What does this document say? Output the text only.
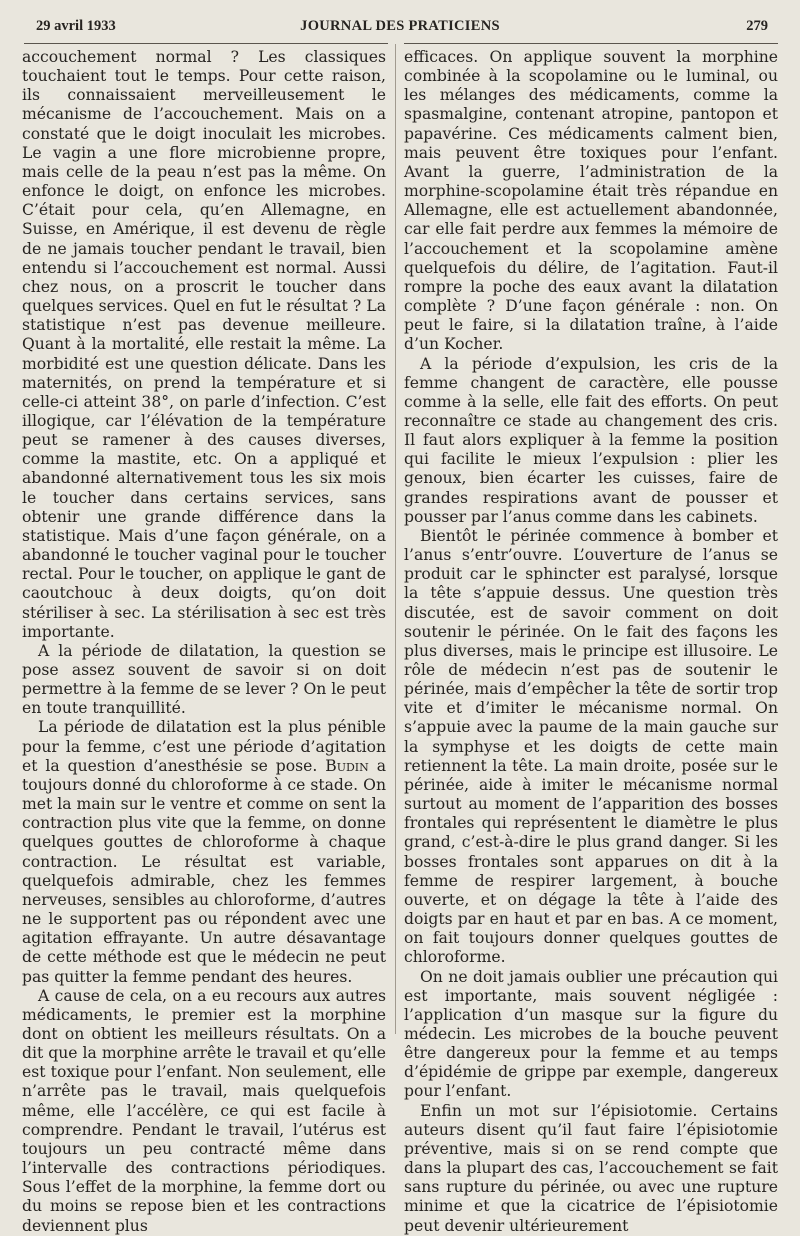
29 avril 1933	JOURNAL DES PRATICIENS	279

accouchement normal ? Les classiques touchaient tout le temps. Pour cette raison, ils connaissaient merveilleusement le mécanisme de l’accouchement. Mais on a constaté que le doigt inoculait les microbes. Le vagin a une flore microbienne propre, mais celle de la peau n’est pas la même. On enfonce le doigt, on enfonce les microbes. C’était pour cela, qu’en Allemagne, en Suisse, en Amérique, il est devenu de règle de ne jamais toucher pendant le travail, bien entendu si l’accouchement est normal. Aussi chez nous, on a proscrit le toucher dans quelques services. Quel en fut le résultat ? La statistique n’est pas devenue meilleure. Quant à la mortalité, elle restait la même. La morbidité est une question délicate. Dans les maternités, on prend la température et si celle-ci atteint 38°, on parle d’infection. C’est illogique, car l’élévation de la température peut se ramener à des causes diverses, comme la mastite, etc. On a appliqué et abandonné alternativement tous les six mois le toucher dans certains services, sans obtenir une grande différence dans la statistique. Mais d’une façon générale, on a abandonné le toucher vaginal pour le toucher rectal. Pour le toucher, on applique le gant de caoutchouc à deux doigts, qu’on doit stériliser à sec. La stérilisation à sec est très importante.

A la période de dilatation, la question se pose assez souvent de savoir si on doit permettre à la femme de se lever ? On le peut en toute tranquillité.

La période de dilatation est la plus pénible pour la femme, c’est une période d’agitation et la question d’anesthésie se pose. Budin a toujours donné du chloroforme à ce stade. On met la main sur le ventre et comme on sent la contraction plus vite que la femme, on donne quelques gouttes de chloroforme à chaque contraction. Le résultat est variable, quelquefois admirable, chez les femmes nerveuses, sensibles au chloroforme, d’autres ne le supportent pas ou répondent avec une agitation effrayante. Un autre désavantage de cette méthode est que le médecin ne peut pas quitter la femme pendant des heures.

A cause de cela, on a eu recours aux autres médicaments, le premier est la morphine dont on obtient les meilleurs résultats. On a dit que la morphine arrête le travail et qu’elle est toxique pour l’enfant. Non seulement, elle n’arrête pas le travail, mais quelquefois même, elle l’accélère, ce qui est facile à comprendre. Pendant le travail, l’utérus est toujours un peu contracté même dans l’intervalle des contractions périodiques. Sous l’effet de la morphine, la femme dort ou du moins se repose bien et les contractions deviennent plus

efficaces. On applique souvent la morphine combinée à la scopolamine ou le luminal, ou les mélanges des médicaments, comme la spasmalgine, contenant atropine, pantopon et papavérine. Ces médicaments calment bien, mais peuvent être toxiques pour l’enfant. Avant la guerre, l’administration de la morphine-scopolamine était très répandue en Allemagne, elle est actuellement abandonnée, car elle fait perdre aux femmes la mémoire de l’accouchement et la scopolamine amène quelquefois du délire, de l’agitation. Faut-il rompre la poche des eaux avant la dilatation complète ? D’une façon générale : non. On peut le faire, si la dilatation traîne, à l’aide d’un Kocher.

A la période d’expulsion, les cris de la femme changent de caractère, elle pousse comme à la selle, elle fait des efforts. On peut reconnaître ce stade au changement des cris. Il faut alors expliquer à la femme la position qui facilite le mieux l’expulsion : plier les genoux, bien écarter les cuisses, faire de grandes respirations avant de pousser et pousser par l’anus comme dans les cabinets.

Bientôt le périnée commence à bomber et l’anus s’entr’ouvre. L’ouverture de l’anus se produit car le sphincter est paralysé, lorsque la tête s’appuie dessus. Une question très discutée, est de savoir comment on doit soutenir le périnée. On le fait des façons les plus diverses, mais le principe est illusoire. Le rôle de médecin n’est pas de soutenir le périnée, mais d’empêcher la tête de sortir trop vite et d’imiter le mécanisme normal. On s’appuie avec la paume de la main gauche sur la symphyse et les doigts de cette main retiennent la tête. La main droite, posée sur le périnée, aide à imiter le mécanisme normal surtout au moment de l’apparition des bosses frontales qui représentent le diamètre le plus grand, c’est-à-dire le plus grand danger. Si les bosses frontales sont apparues on dit à la femme de respirer largement, à bouche ouverte, et on dégage la tête à l’aide des doigts par en haut et par en bas. A ce moment, on fait toujours donner quelques gouttes de chloroforme.

On ne doit jamais oublier une précaution qui est importante, mais souvent négligée : l’application d’un masque sur la figure du médecin. Les microbes de la bouche peuvent être dangereux pour la femme et au temps d’épidémie de grippe par exemple, dangereux pour l’enfant.

Enfin un mot sur l’épisiotomie. Certains auteurs disent qu’il faut faire l’épisiotomie préventive, mais si on se rend compte que dans la plupart des cas, l’accouchement se fait sans rupture du périnée, ou avec une rupture minime et que la cicatrice de l’épisiotomie peut devenir ultérieurement
